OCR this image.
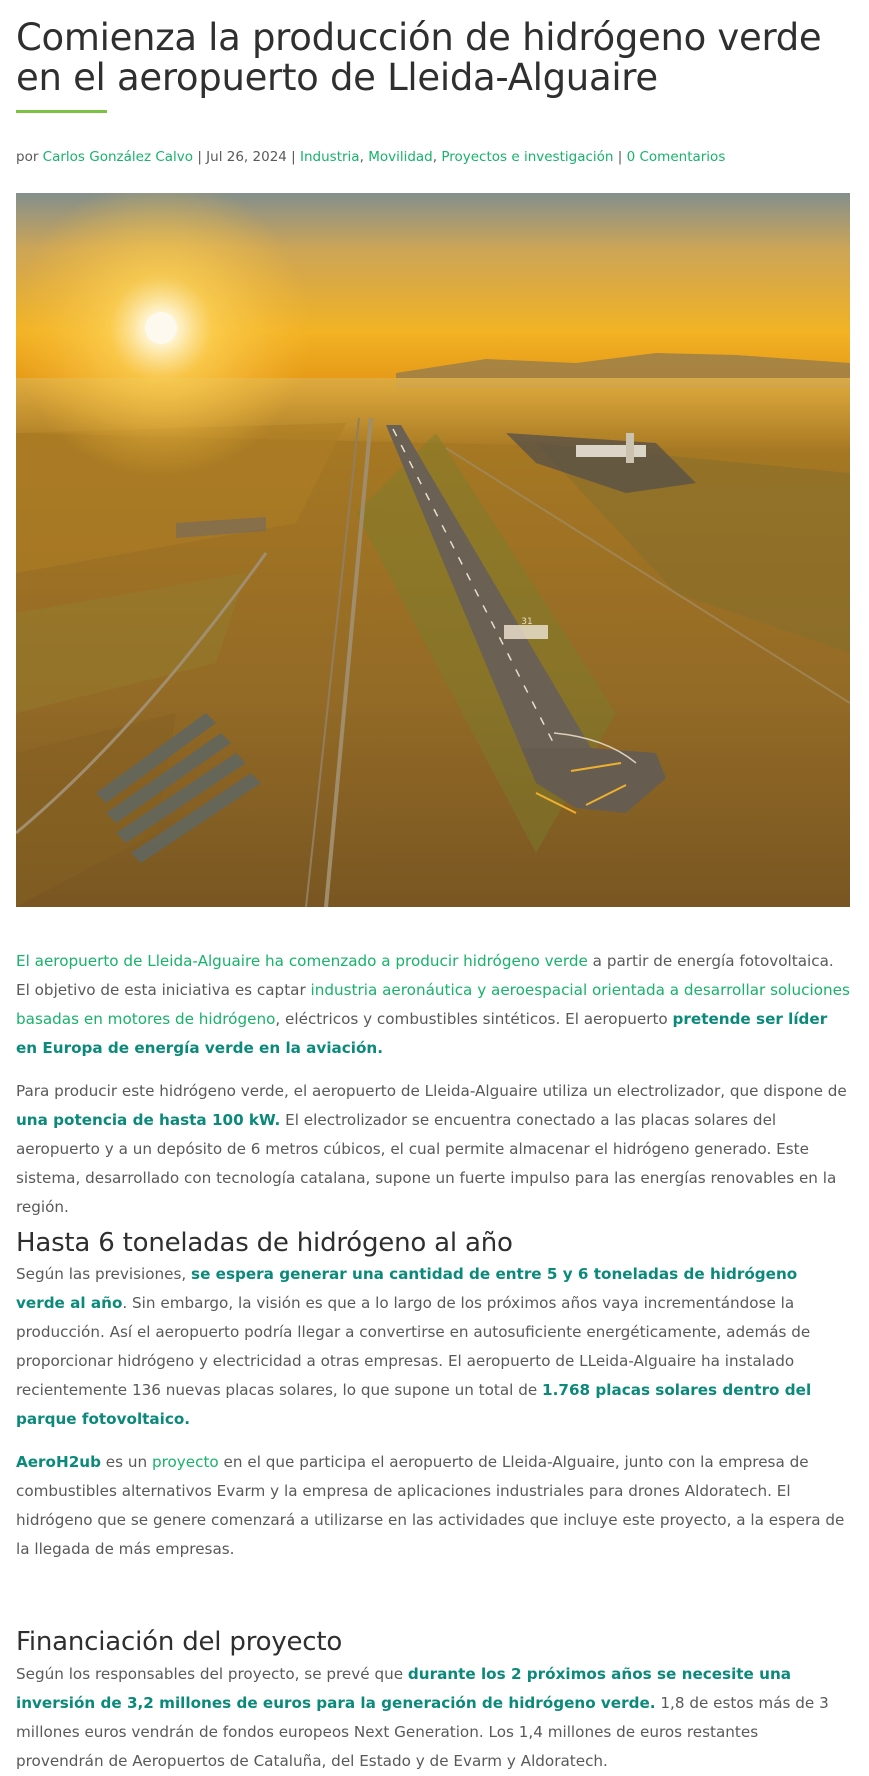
Comienza la producción de hidrógeno verde en el aeropuerto de Lleida-Alguaire
por Carlos González Calvo | Jul 26, 2024 | Industria, Movilidad, Proyectos e investigación | 0 Comentarios
31

El aeropuerto de Lleida-Alguaire ha comenzado a producir hidrógeno verde a partir de energía fotovoltaica. El objetivo de esta iniciativa es captar industria aeronáutica y aeroespacial orientada a desarrollar soluciones basadas en motores de hidrógeno, eléctricos y combustibles sintéticos. El aeropuerto pretende ser líder en Europa de energía verde en la aviación.

Para producir este hidrógeno verde, el aeropuerto de Lleida-Alguaire utiliza un electrolizador, que dispone de una potencia de hasta 100 kW. El electrolizador se encuentra conectado a las placas solares del aeropuerto y a un depósito de 6 metros cúbicos, el cual permite almacenar el hidrógeno generado. Este sistema, desarrollado con tecnología catalana, supone un fuerte impulso para las energías renovables en la región.

Hasta 6 toneladas de hidrógeno al año

Según las previsiones, se espera generar una cantidad de entre 5 y 6 toneladas de hidrógeno verde al año. Sin embargo, la visión es que a lo largo de los próximos años vaya incrementándose la producción. Así el aeropuerto podría llegar a convertirse en autosuficiente energéticamente, además de proporcionar hidrógeno y electricidad a otras empresas. El aeropuerto de LLeida-Alguaire ha instalado recientemente 136 nuevas placas solares, lo que supone un total de 1.768 placas solares dentro del parque fotovoltaico.

AeroH2ub es un proyecto en el que participa el aeropuerto de Lleida-Alguaire, junto con la empresa de combustibles alternativos Evarm y la empresa de aplicaciones industriales para drones Aldoratech. El hidrógeno que se genere comenzará a utilizarse en las actividades que incluye este proyecto, a la espera de la llegada de más empresas.

Financiación del proyecto

Según los responsables del proyecto, se prevé que durante los 2 próximos años se necesite una inversión de 3,2 millones de euros para la generación de hidrógeno verde. 1,8 de estos más de 3 millones euros vendrán de fondos europeos Next Generation. Los 1,4 millones de euros restantes provendrán de Aeropuertos de Cataluña, del Estado y de Evarm y Aldoratech.
